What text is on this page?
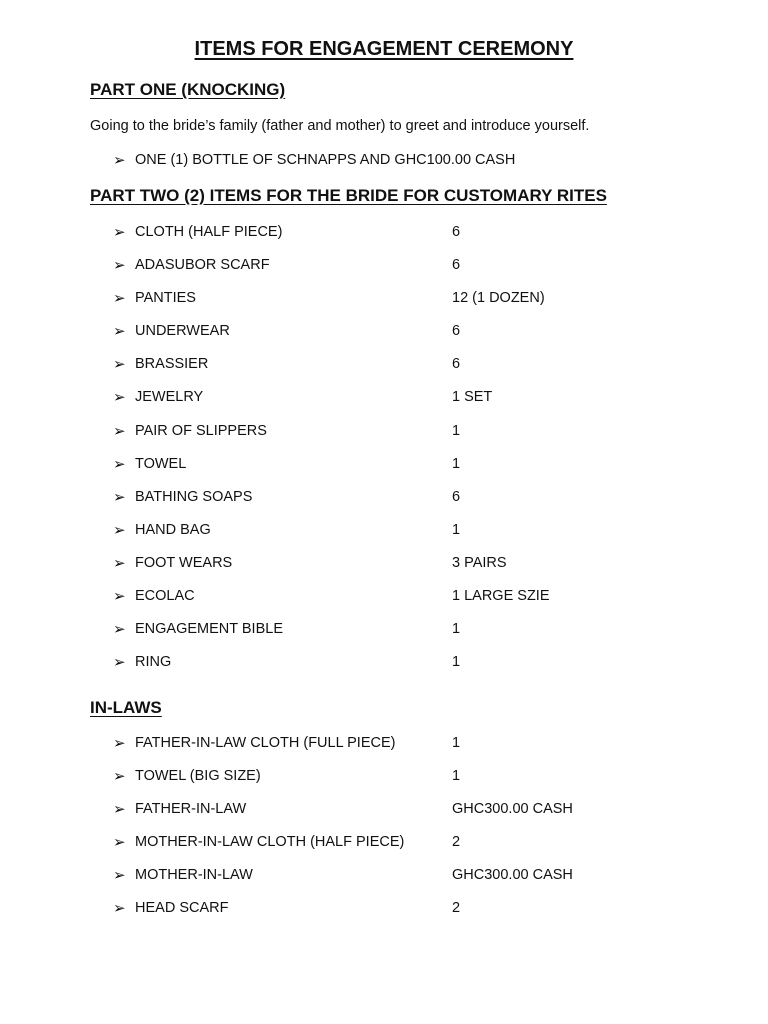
ITEMS FOR ENGAGEMENT CEREMONY
PART ONE (KNOCKING)
Going to the bride’s family (father and mother) to greet and introduce yourself.
➢ ONE (1) BOTTLE OF SCHNAPPS AND GHC100.00 CASH
PART TWO (2) ITEMS FOR THE BRIDE FOR CUSTOMARY RITES
➢ CLOTH (HALF PIECE)	6
➢ ADASUBOR SCARF	6
➢ PANTIES	12 (1 DOZEN)
➢ UNDERWEAR	6
➢ BRASSIER	6
➢ JEWELRY	1 SET
➢ PAIR OF SLIPPERS	1
➢ TOWEL	1
➢ BATHING SOAPS	6
➢ HAND BAG	1
➢ FOOT WEARS	3 PAIRS
➢ ECOLAC	1 LARGE SZIE
➢ ENGAGEMENT BIBLE	1
➢ RING	1
IN-LAWS
➢ FATHER-IN-LAW CLOTH (FULL PIECE)	1
➢ TOWEL (BIG SIZE)	1
➢ FATHER-IN-LAW	GHC300.00 CASH
➢ MOTHER-IN-LAW CLOTH (HALF PIECE)	2
➢ MOTHER-IN-LAW	GHC300.00 CASH
➢ HEAD SCARF	2
